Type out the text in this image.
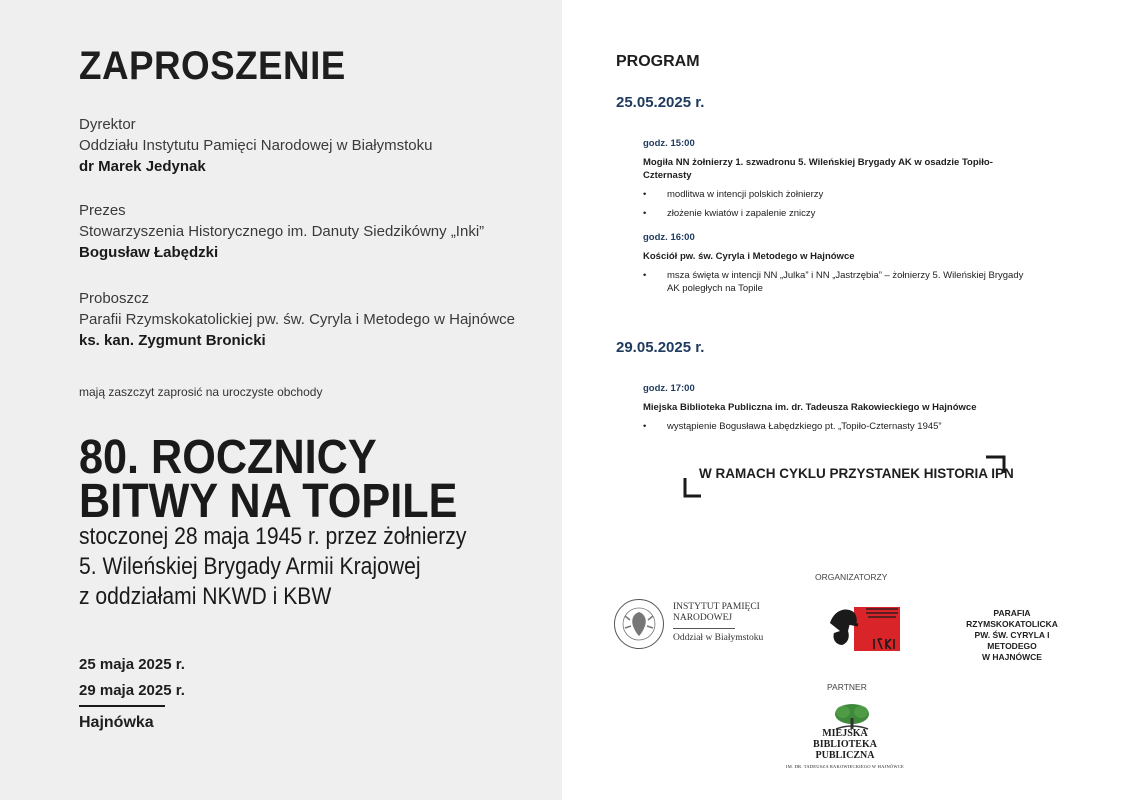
ZAPROSZENIE
Dyrektor
Oddziału Instytutu Pamięci Narodowej w Białymstoku
dr Marek Jedynak
Prezes
Stowarzyszenia Historycznego im. Danuty Siedzikówny „Inki”
Bogusław Łabędzki
Proboszcz
Parafii Rzymskokatolickiej pw. św. Cyryla i Metodego w Hajnówce
ks. kan. Zygmunt Bronicki
mają zaszczyt zaprosić na uroczyste obchody
80. ROCZNICY
BITWY NA TOPILE
stoczonej 28 maja 1945 r. przez żołnierzy
5. Wileńskiej Brygady Armii Krajowej
z oddziałami NKWD i KBW
25 maja 2025 r.
29 maja 2025 r.
Hajnówka
PROGRAM
25.05.2025 r.
godz. 15:00
Mogiła NN żołnierzy 1. szwadronu 5. Wileńskiej Brygady AK w osadzie Topiło-Czternasty
• modlitwa w intencji polskich żołnierzy
• złożenie kwiatów i zapalenie zniczy
godz. 16:00
Kościół pw. św. Cyryla i Metodego w Hajnówce
• msza święta w intencji NN „Julka” i NN „Jastrzębia” – żołnierzy 5. Wileńskiej Brygady AK poległych na Topile
29.05.2025 r.
godz. 17:00
Miejska Biblioteka Publiczna im. dr. Tadeusza Rakowieckiego w Hajnówce
• wystąpienie Bogusława Łabędzkiego pt. „Topiło-Czternasty 1945”
W RAMACH CYKLU PRZYSTANEK HISTORIA IPN
ORGANIZATORZY
INSTYTUT PAMIĘCI
NARODOWEJ
Oddział w Białymstoku
PARAFIA RZYMSKOKATOLICKA
PW. ŚW. CYRYLA I METODEGO
W HAJNÓWCE
PARTNER
MIEJSKA
BIBLIOTEKA PUBLICZNA
IM. DR. TADEUSZA RAKOWIECKIEGO W HAJNÓWCE
